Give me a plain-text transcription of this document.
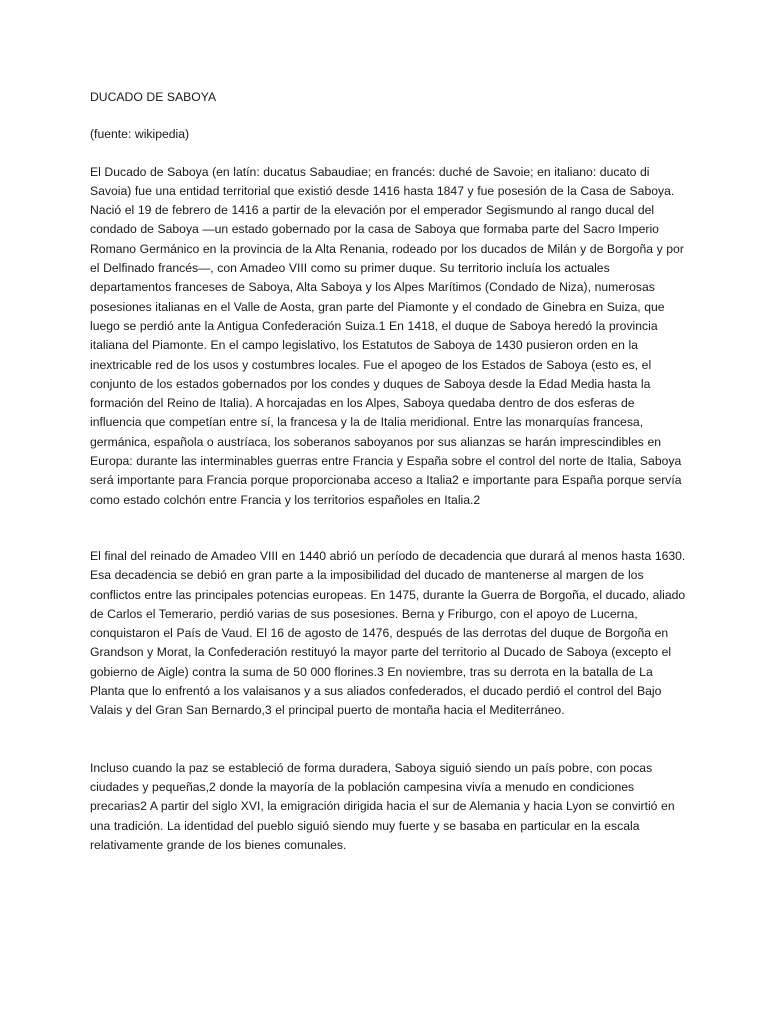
DUCADO DE SABOYA

(fuente: wikipedia)

El Ducado de Saboya (en latín: ducatus Sabaudiae; en francés: duché de Savoie; en italiano: ducato di Savoia) fue una entidad territorial que existió desde 1416 hasta 1847 y fue posesión de la Casa de Saboya. Nació el 19 de febrero de 1416 a partir de la elevación por el emperador Segismundo al rango ducal del condado de Saboya —un estado gobernado por la casa de Saboya que formaba parte del Sacro Imperio Romano Germánico en la provincia de la Alta Renania, rodeado por los ducados de Milán y de Borgoña y por el Delfinado francés—, con Amadeo VIII como su primer duque. Su territorio incluía los actuales departamentos franceses de Saboya, Alta Saboya y los Alpes Marítimos (Condado de Niza), numerosas posesiones italianas en el Valle de Aosta, gran parte del Piamonte y el condado de Ginebra en Suiza, que luego se perdió ante la Antigua Confederación Suiza.1 En 1418, el duque de Saboya heredó la provincia italiana del Piamonte. En el campo legislativo, los Estatutos de Saboya de 1430 pusieron orden en la inextricable red de los usos y costumbres locales. Fue el apogeo de los Estados de Saboya (esto es, el conjunto de los estados gobernados por los condes y duques de Saboya desde la Edad Media hasta la formación del Reino de Italia). A horcajadas en los Alpes, Saboya quedaba dentro de dos esferas de influencia que competían entre sí, la francesa y la de Italia meridional. Entre las monarquías francesa, germánica, española o austríaca, los soberanos saboyanos por sus alianzas se harán imprescindibles en Europa: durante las interminables guerras entre Francia y España sobre el control del norte de Italia, Saboya será importante para Francia porque proporcionaba acceso a Italia2 e importante para España porque servía como estado colchón entre Francia y los territorios españoles en Italia.2

El final del reinado de Amadeo VIII en 1440 abrió un período de decadencia que durará al menos hasta 1630. Esa decadencia se debió en gran parte a la imposibilidad del ducado de mantenerse al margen de los conflictos entre las principales potencias europeas. En 1475, durante la Guerra de Borgoña, el ducado, aliado de Carlos el Temerario, perdió varias de sus posesiones. Berna y Friburgo, con el apoyo de Lucerna, conquistaron el País de Vaud. El 16 de agosto de 1476, después de las derrotas del duque de Borgoña en Grandson y Morat, la Confederación restituyó la mayor parte del territorio al Ducado de Saboya (excepto el gobierno de Aigle) contra la suma de 50 000 florines.3 En noviembre, tras su derrota en la batalla de La Planta que lo enfrentó a los valaisanos y a sus aliados confederados, el ducado perdió el control del Bajo Valais y del Gran San Bernardo,3 el principal puerto de montaña hacia el Mediterráneo.

Incluso cuando la paz se estableció de forma duradera, Saboya siguió siendo un país pobre, con pocas ciudades y pequeñas,2 donde la mayoría de la población campesina vivía a menudo en condiciones precarias2 A partir del siglo XVI, la emigración dirigida hacia el sur de Alemania y hacia Lyon se convirtió en una tradición. La identidad del pueblo siguió siendo muy fuerte y se basaba en particular en la escala relativamente grande de los bienes comunales.
